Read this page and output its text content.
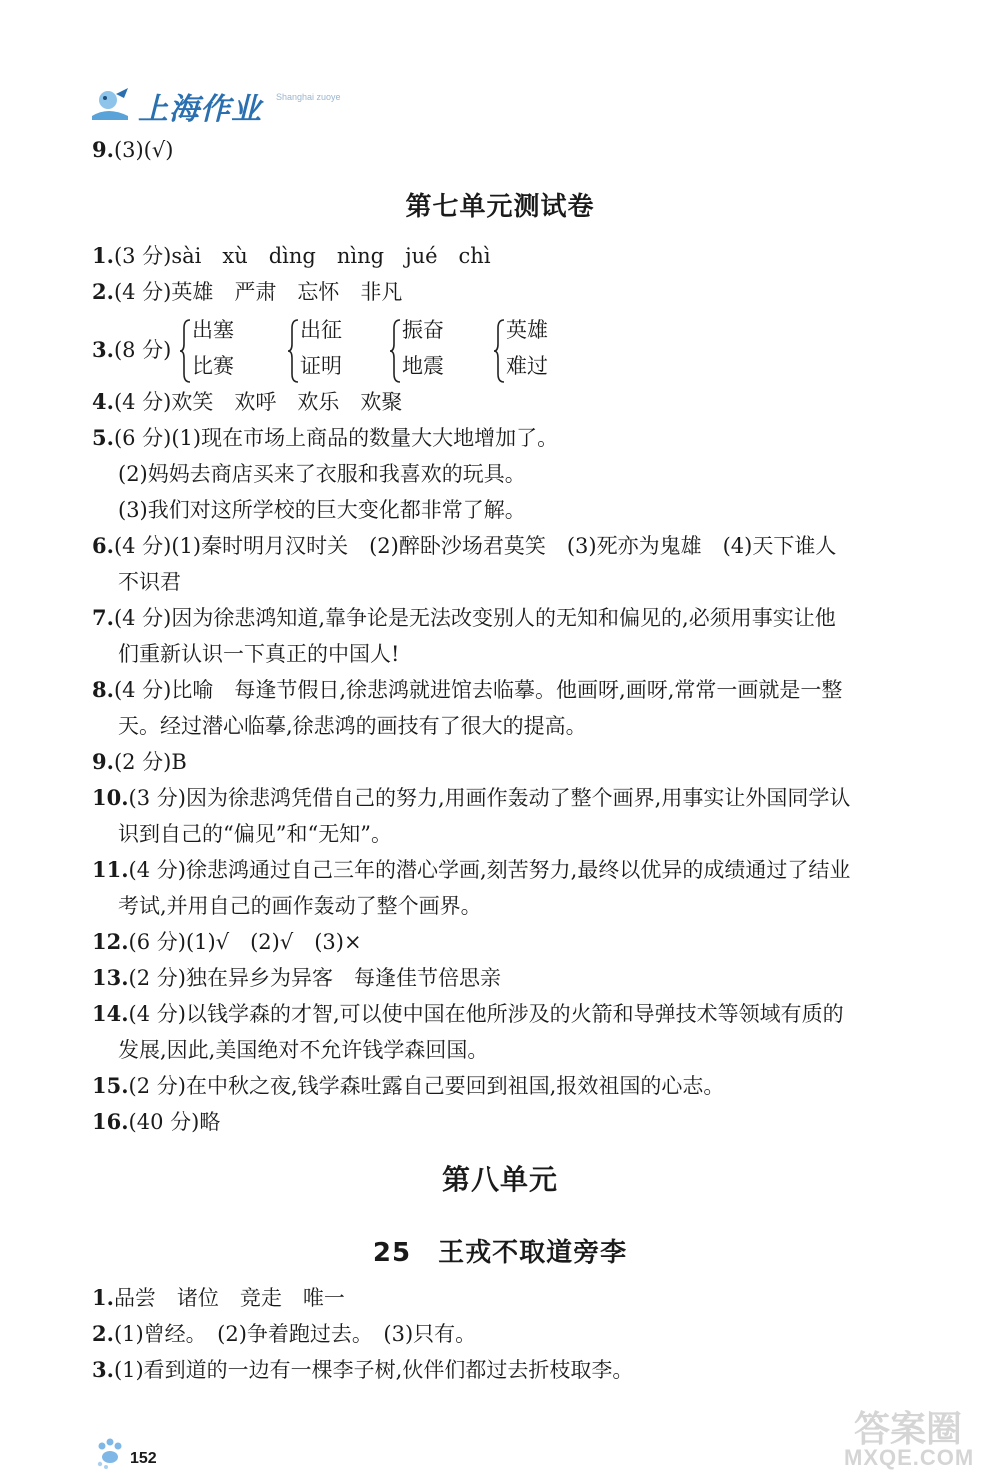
上海作业 Shanghai zuoye
9.(3)(√)
第七单元测试卷
1.(3 分)sài　xù　dìng　nìng　jué　chì
2.(4 分)英雄　严肃　忘怀　非凡
3.(8 分)
出塞
比赛
出征
证明
振奋
地震
英雄
难过
4.(4 分)欢笑　欢呼　欢乐　欢聚
5.(6 分)(1)现在市场上商品的数量大大地增加了。
(2)妈妈去商店买来了衣服和我喜欢的玩具。
(3)我们对这所学校的巨大变化都非常了解。
6.(4 分)(1)秦时明月汉时关　(2)醉卧沙场君莫笑　(3)死亦为鬼雄　(4)天下谁人
不识君
7.(4 分)因为徐悲鸿知道,靠争论是无法改变别人的无知和偏见的,必须用事实让他
们重新认识一下真正的中国人!
8.(4 分)比喻　每逢节假日,徐悲鸿就进馆去临摹。他画呀,画呀,常常一画就是一整
天。经过潜心临摹,徐悲鸿的画技有了很大的提高。
9.(2 分)B
10.(3 分)因为徐悲鸿凭借自己的努力,用画作轰动了整个画界,用事实让外国同学认
识到自己的“偏见”和“无知”。
11.(4 分)徐悲鸿通过自己三年的潜心学画,刻苦努力,最终以优异的成绩通过了结业
考试,并用自己的画作轰动了整个画界。
12.(6 分)(1)√　(2)√　(3)×
13.(2 分)独在异乡为异客　每逢佳节倍思亲
14.(4 分)以钱学森的才智,可以使中国在他所涉及的火箭和导弹技术等领域有质的
发展,因此,美国绝对不允许钱学森回国。
15.(2 分)在中秋之夜,钱学森吐露自己要回到祖国,报效祖国的心志。
16.(40 分)略
第八单元
25　王戎不取道旁李
1.品尝　诸位　竞走　唯一
2.(1)曾经。　(2)争着跑过去。　(3)只有。
3.(1)看到道的一边有一棵李子树,伙伴们都过去折枝取李。
152
答案圈
MXQE.COM
